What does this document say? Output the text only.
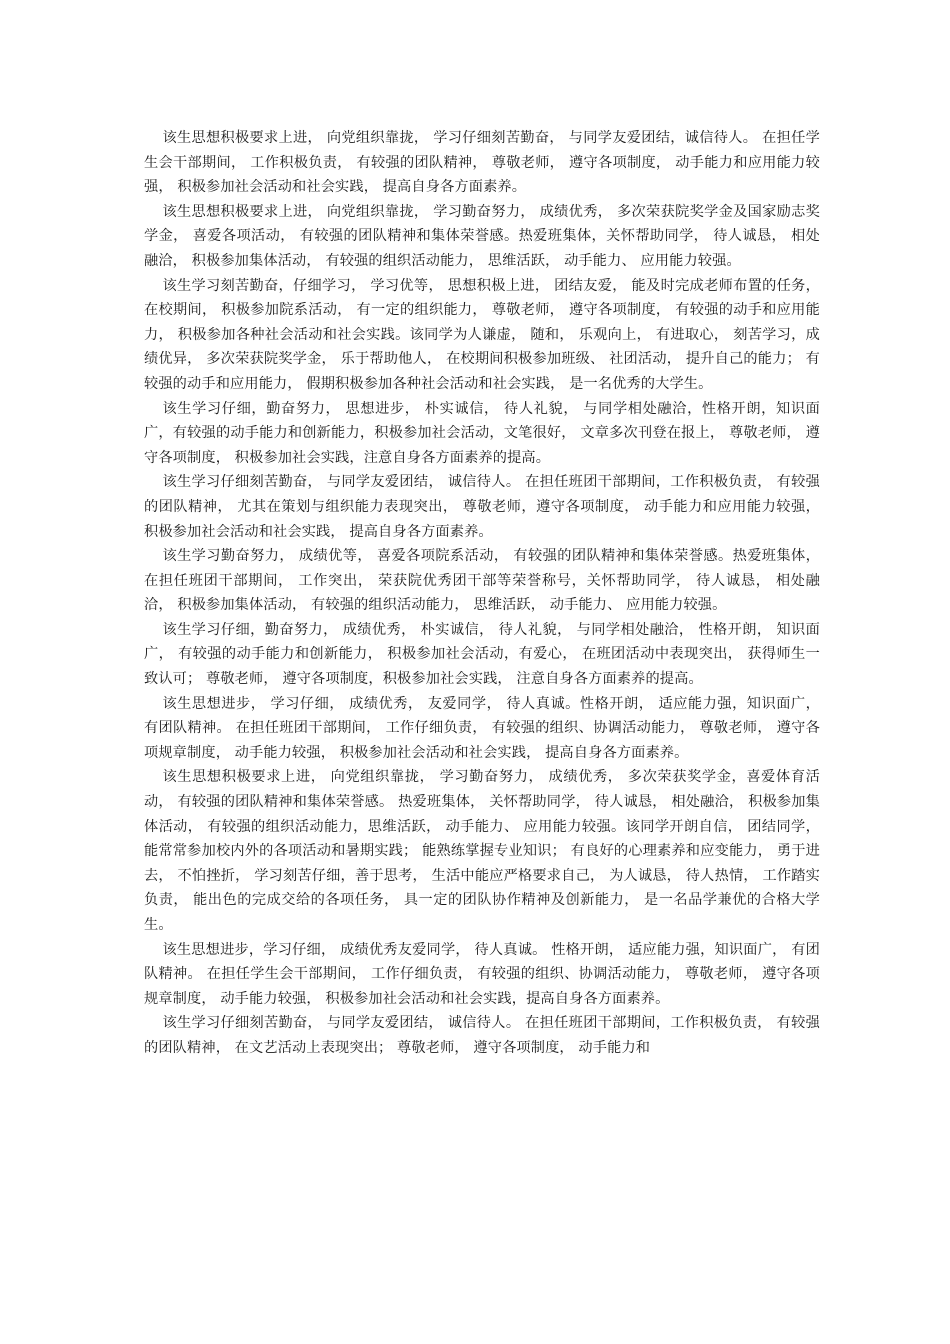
该生思想积极要求上进， 向党组织靠拢， 学习仔细刻苦勤奋， 与同学友爱团结，诚信待人。 在担任学生会干部期间， 工作积极负责， 有较强的团队精神， 尊敬老师， 遵守各项制度， 动手能力和应用能力较强， 积极参加社会活动和社会实践， 提高自身各方面素养。

该生思想积极要求上进， 向党组织靠拢， 学习勤奋努力， 成绩优秀， 多次荣获院奖学金及国家励志奖学金， 喜爱各项活动， 有较强的团队精神和集体荣誉感。热爱班集体，关怀帮助同学， 待人诚恳， 相处融洽， 积极参加集体活动， 有较强的组织活动能力， 思维活跃， 动手能力、 应用能力较强。

该生学习刻苦勤奋，仔细学习， 学习优等， 思想积极上进， 团结友爱， 能及时完成老师布置的任务， 在校期间， 积极参加院系活动， 有一定的组织能力， 尊敬老师， 遵守各项制度， 有较强的动手和应用能力， 积极参加各种社会活动和社会实践。该同学为人谦虚， 随和， 乐观向上， 有进取心， 刻苦学习，成绩优异， 多次荣获院奖学金， 乐于帮助他人， 在校期间积极参加班级、 社团活动， 提升自己的能力； 有较强的动手和应用能力， 假期积极参加各种社会活动和社会实践， 是一名优秀的大学生。

该生学习仔细，勤奋努力， 思想进步， 朴实诚信， 待人礼貌， 与同学相处融洽，性格开朗，知识面广，有较强的动手能力和创新能力，积极参加社会活动，文笔很好， 文章多次刊登在报上， 尊敬老师， 遵守各项制度， 积极参加社会实践，注意自身各方面素养的提高。

该生学习仔细刻苦勤奋， 与同学友爱团结， 诚信待人。 在担任班团干部期间，工作积极负责， 有较强的团队精神， 尤其在策划与组织能力表现突出， 尊敬老师，遵守各项制度， 动手能力和应用能力较强， 积极参加社会活动和社会实践， 提高自身各方面素养。

该生学习勤奋努力， 成绩优等， 喜爱各项院系活动， 有较强的团队精神和集体荣誉感。热爱班集体， 在担任班团干部期间， 工作突出， 荣获院优秀团干部等荣誉称号，关怀帮助同学， 待人诚恳， 相处融洽， 积极参加集体活动， 有较强的组织活动能力， 思维活跃， 动手能力、 应用能力较强。

该生学习仔细，勤奋努力， 成绩优秀， 朴实诚信， 待人礼貌， 与同学相处融洽， 性格开朗， 知识面广， 有较强的动手能力和创新能力， 积极参加社会活动，有爱心， 在班团活动中表现突出， 获得师生一致认可； 尊敬老师， 遵守各项制度，积极参加社会实践， 注意自身各方面素养的提高。

该生思想进步， 学习仔细， 成绩优秀， 友爱同学， 待人真诚。性格开朗， 适应能力强，知识面广， 有团队精神。 在担任班团干部期间， 工作仔细负责， 有较强的组织、协调活动能力， 尊敬老师， 遵守各项规章制度， 动手能力较强， 积极参加社会活动和社会实践， 提高自身各方面素养。

该生思想积极要求上进， 向党组织靠拢， 学习勤奋努力， 成绩优秀， 多次荣获奖学金，喜爱体育活动， 有较强的团队精神和集体荣誉感。 热爱班集体， 关怀帮助同学， 待人诚恳， 相处融洽， 积极参加集体活动， 有较强的组织活动能力，思维活跃， 动手能力、 应用能力较强。该同学开朗自信， 团结同学， 能常常参加校内外的各项活动和暑期实践； 能熟练掌握专业知识； 有良好的心理素养和应变能力， 勇于进去， 不怕挫折， 学习刻苦仔细，善于思考， 生活中能应严格要求自己， 为人诚恳， 待人热情， 工作踏实负责， 能出色的完成交给的各项任务， 具一定的团队协作精神及创新能力， 是一名品学兼优的合格大学生。

该生思想进步，学习仔细， 成绩优秀友爱同学， 待人真诚。 性格开朗， 适应能力强，知识面广， 有团队精神。 在担任学生会干部期间， 工作仔细负责， 有较强的组织、协调活动能力， 尊敬老师， 遵守各项规章制度， 动手能力较强， 积极参加社会活动和社会实践，提高自身各方面素养。

该生学习仔细刻苦勤奋， 与同学友爱团结， 诚信待人。 在担任班团干部期间，工作积极负责， 有较强的团队精神， 在文艺活动上表现突出； 尊敬老师， 遵守各项制度， 动手能力和
